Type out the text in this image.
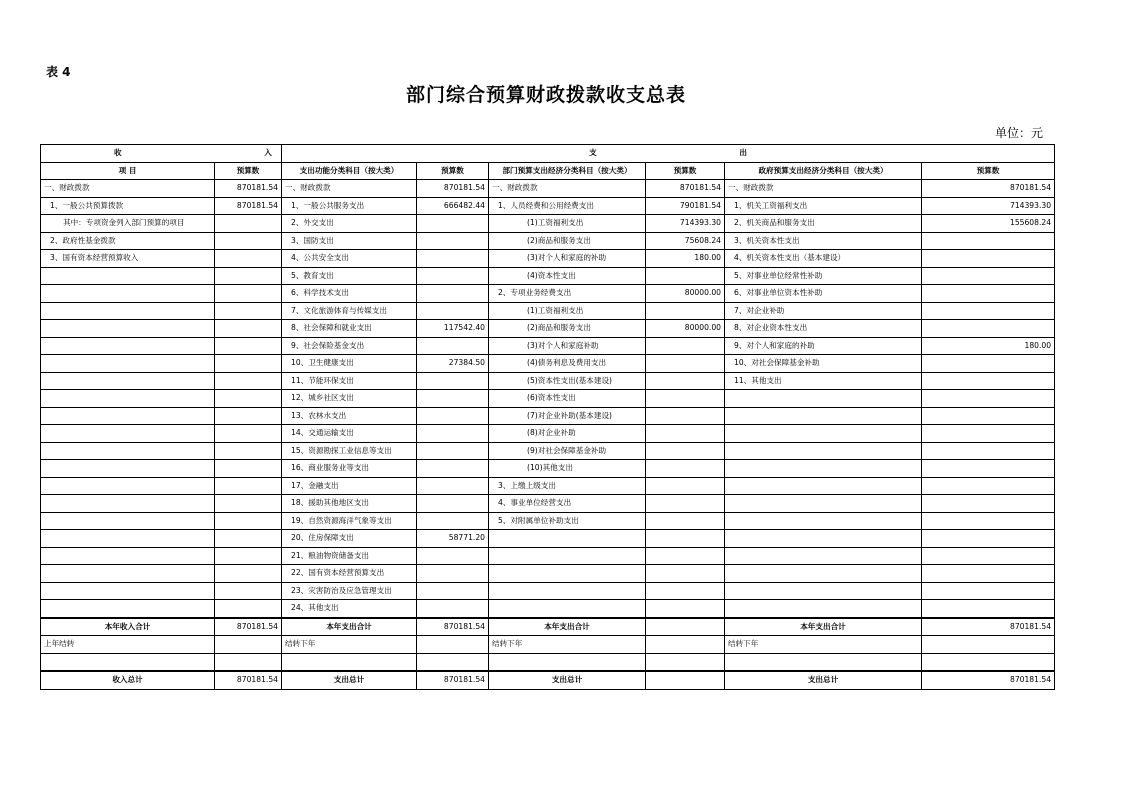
表 4
部门综合预算财政拨款收支总表
单位：元
收 入		支 出					
项 目	预算数	支出功能分类科目（按大类）	预算数	部门预算支出经济分类科目（按大类）	预算数	政府预算支出经济分类科目（按大类）	预算数
一、财政拨款	870181.54	一、财政拨款	870181.54	一、财政拨款	870181.54	一、财政拨款	870181.54
1、一般公共预算拨款	870181.54	1、一般公共服务支出	666482.44	1、人员经费和公用经费支出	790181.54	1、机关工资福利支出	714393.30
其中：专项资金列入部门预算的项目		2、外交支出		(1)工资福利支出	714393.30	2、机关商品和服务支出	155608.24
2、政府性基金拨款		3、国防支出		(2)商品和服务支出	75608.24	3、机关资本性支出	
3、国有资本经营预算收入		4、公共安全支出		(3)对个人和家庭的补助	180.00	4、机关资本性支出（基本建设）	
		5、教育支出		(4)资本性支出		5、对事业单位经常性补助	
		6、科学技术支出		2、专项业务经费支出	80000.00	6、对事业单位资本性补助	
		7、文化旅游体育与传媒支出		(1)工资福利支出		7、对企业补助	
		8、社会保障和就业支出	117542.40	(2)商品和服务支出	80000.00	8、对企业资本性支出	
		9、社会保险基金支出		(3)对个人和家庭补助		9、对个人和家庭的补助	180.00
		10、卫生健康支出	27384.50	(4)债务利息及费用支出		10、对社会保障基金补助	
		11、节能环保支出		(5)资本性支出(基本建设)		11、其他支出	
		12、城乡社区支出		(6)资本性支出			
		13、农林水支出		(7)对企业补助(基本建设)			
		14、交通运输支出		(8)对企业补助			
		15、资源勘探工业信息等支出		(9)对社会保障基金补助			
		16、商业服务业等支出		(10)其他支出			
		17、金融支出		3、上缴上级支出			
		18、援助其他地区支出		4、事业单位经营支出			
		19、自然资源海洋气象等支出		5、对附属单位补助支出			
		20、住房保障支出	58771.20				
		21、粮油物资储备支出					
		22、国有资本经营预算支出					
		23、灾害防治及应急管理支出					
		24、其他支出					
本年收入合计	870181.54	本年支出合计	870181.54	本年支出合计		本年支出合计	870181.54
上年结转		结转下年		结转下年		结转下年	

收入总计	870181.54	支出总计	870181.54	支出总计		支出总计	870181.54
